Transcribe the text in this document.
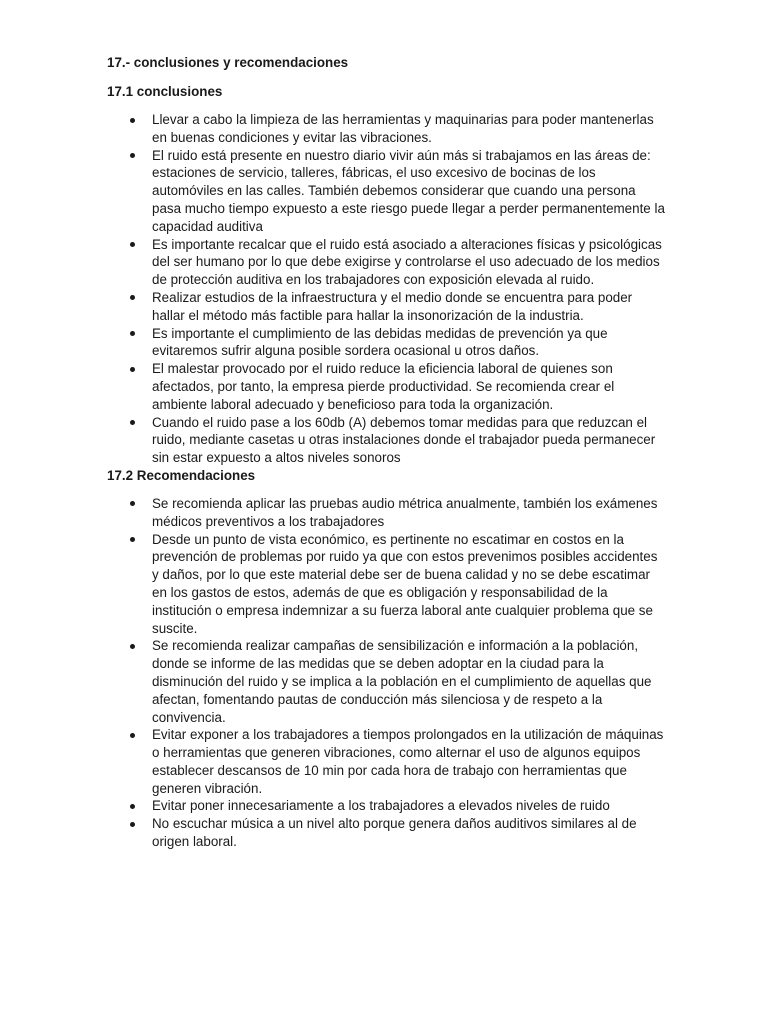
17.- conclusiones y recomendaciones
17.1 conclusiones
Llevar a cabo la limpieza de las herramientas y maquinarias para poder mantenerlas en buenas condiciones y evitar las vibraciones.
El ruido está presente en nuestro diario vivir aún más si trabajamos en las áreas de: estaciones de servicio, talleres, fábricas, el uso excesivo de bocinas de los automóviles en las calles. También debemos considerar que cuando una persona pasa mucho tiempo expuesto a este riesgo puede llegar a perder permanentemente la capacidad auditiva
Es importante recalcar que el ruido está asociado a alteraciones físicas y psicológicas del ser humano por lo que debe exigirse y controlarse el uso adecuado de los medios de protección auditiva en los trabajadores con exposición elevada al ruido.
Realizar estudios de la infraestructura y el medio donde se encuentra para poder hallar el método más factible para hallar la insonorización de la industria.
Es importante el cumplimiento de las debidas medidas de prevención ya que evitaremos sufrir alguna posible sordera ocasional u otros daños.
El malestar provocado por el ruido reduce la eficiencia laboral de quienes son afectados, por tanto, la empresa pierde productividad. Se recomienda crear el ambiente laboral adecuado y beneficioso para toda la organización.
Cuando el ruido pase a los 60db (A) debemos tomar medidas para que reduzcan el ruido, mediante casetas u otras instalaciones donde el trabajador pueda permanecer sin estar expuesto a altos niveles sonoros
17.2 Recomendaciones
Se recomienda aplicar las pruebas audio métrica anualmente, también los exámenes médicos preventivos a los trabajadores
Desde un punto de vista económico, es pertinente no escatimar en costos en la prevención de problemas por ruido ya que con estos prevenimos posibles accidentes y daños, por lo que este material debe ser de buena calidad y no se debe escatimar en los gastos de estos, además de que es obligación y responsabilidad de la institución o empresa indemnizar a su fuerza laboral ante cualquier problema que se suscite.
Se recomienda realizar campañas de sensibilización e información a la población, donde se informe de las medidas que se deben adoptar en la ciudad para la disminución del ruido y se implica a la población en el cumplimiento de aquellas que afectan, fomentando pautas de conducción más silenciosa y de respeto a la convivencia.
Evitar exponer a los trabajadores a tiempos prolongados en la utilización de máquinas o herramientas que generen vibraciones, como alternar el uso de algunos equipos establecer descansos de 10 min por cada hora de trabajo con herramientas que generen vibración.
Evitar poner innecesariamente a los trabajadores a elevados niveles de ruido
No escuchar música a un nivel alto porque genera daños auditivos similares al de origen laboral.
